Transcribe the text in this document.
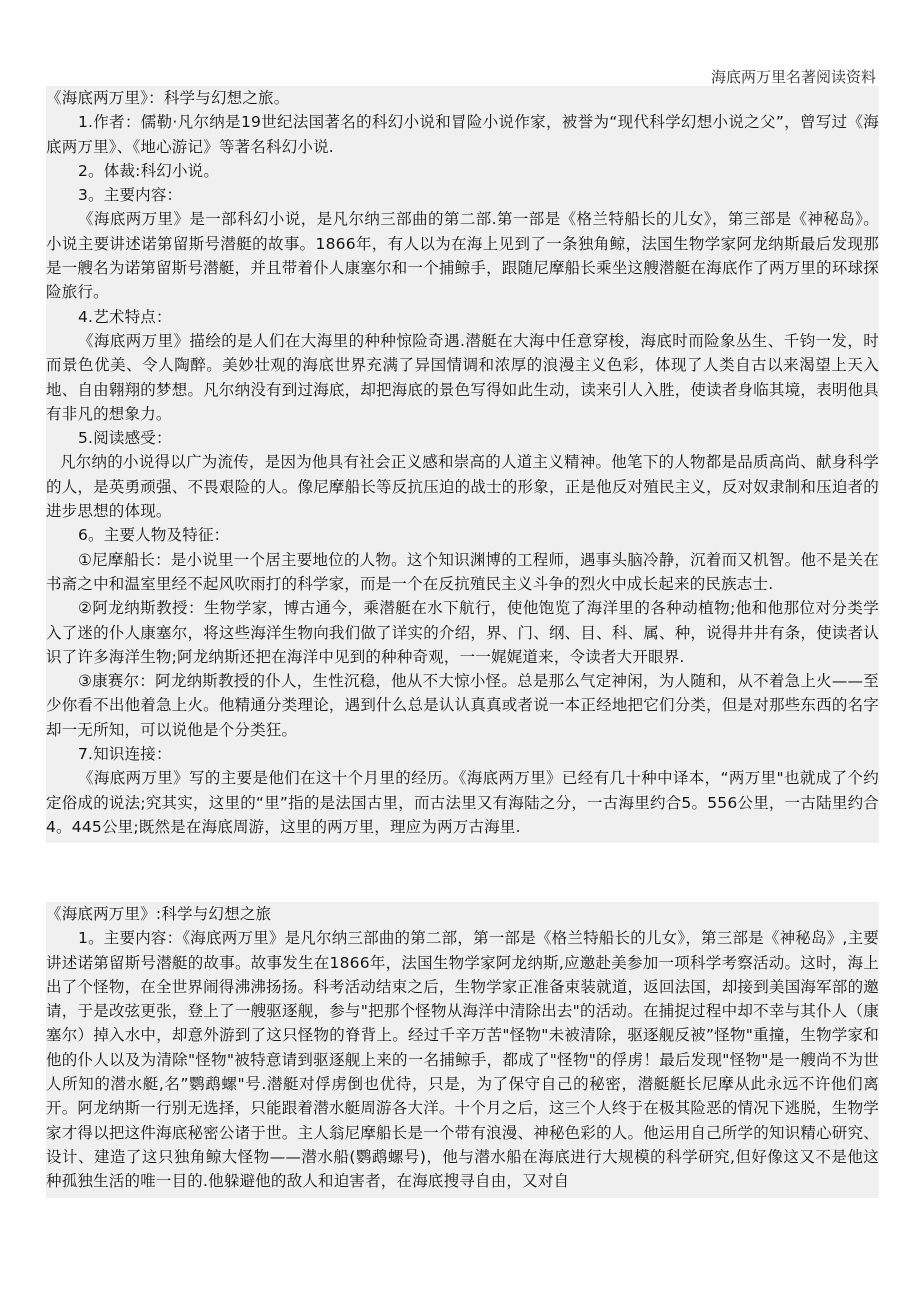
海底两万里名著阅读资料

《海底两万里》：科学与幻想之旅。

1.作者：儒勒·凡尔纳是19世纪法国著名的科幻小说和冒险小说作家，被誉为“现代科学幻想小说之父”，曾写过《海底两万里》、《地心游记》等著名科幻小说.

2。体裁:科幻小说。

3。主要内容：

《海底两万里》是一部科幻小说，是凡尔纳三部曲的第二部.第一部是《格兰特船长的儿女》，第三部是《神秘岛》。小说主要讲述诺第留斯号潜艇的故事。1866年，有人以为在海上见到了一条独角鲸，法国生物学家阿龙纳斯最后发现那是一艘名为诺第留斯号潜艇，并且带着仆人康塞尔和一个捕鲸手，跟随尼摩船长乘坐这艘潜艇在海底作了两万里的环球探险旅行。

4.艺术特点：

《海底两万里》描绘的是人们在大海里的种种惊险奇遇.潜艇在大海中任意穿梭，海底时而险象丛生、千钧一发，时而景色优美、令人陶醉。美妙壮观的海底世界充满了异国情调和浓厚的浪漫主义色彩，体现了人类自古以来渴望上天入地、自由翱翔的梦想。凡尔纳没有到过海底，却把海底的景色写得如此生动，读来引人入胜，使读者身临其境，表明他具有非凡的想象力。

5.阅读感受：

凡尔纳的小说得以广为流传，是因为他具有社会正义感和崇高的人道主义精神。他笔下的人物都是品质高尚、献身科学的人，是英勇顽强、不畏艰险的人。像尼摩船长等反抗压迫的战士的形象，正是他反对殖民主义，反对奴隶制和压迫者的进步思想的体现。

6。主要人物及特征：

①尼摩船长：是小说里一个居主要地位的人物。这个知识渊博的工程师，遇事头脑冷静，沉着而又机智。他不是关在书斋之中和温室里经不起风吹雨打的科学家，而是一个在反抗殖民主义斗争的烈火中成长起来的民族志士.

②阿龙纳斯教授：生物学家，博古通今，乘潜艇在水下航行，使他饱览了海洋里的各种动植物;他和他那位对分类学入了迷的仆人康塞尔，将这些海洋生物向我们做了详实的介绍，界、门、纲、目、科、属、种，说得井井有条，使读者认识了许多海洋生物;阿龙纳斯还把在海洋中见到的种种奇观，一一娓娓道来，令读者大开眼界.

③康赛尔：阿龙纳斯教授的仆人，生性沉稳，他从不大惊小怪。总是那么气定神闲，为人随和，从不着急上火——至少你看不出他着急上火。他精通分类理论，遇到什么总是认认真真或者说一本正经地把它们分类，但是对那些东西的名字却一无所知，可以说他是个分类狂。

7.知识连接：

《海底两万里》写的主要是他们在这十个月里的经历。《海底两万里》已经有几十种中译本，“两万里"也就成了个约定俗成的说法;究其实，这里的“里”指的是法国古里，而古法里又有海陆之分，一古海里约合5。556公里，一古陆里约合4。445公里;既然是在海底周游，这里的两万里，理应为两万古海里.

《海底两万里》:科学与幻想之旅

1。主要内容：《海底两万里》是凡尔纳三部曲的第二部，第一部是《格兰特船长的儿女》，第三部是《神秘岛》,主要讲述诺第留斯号潜艇的故事。故事发生在1866年，法国生物学家阿龙纳斯,应邀赴美参加一项科学考察活动。这时，海上出了个怪物，在全世界闹得沸沸扬扬。科考活动结束之后，生物学家正准备束装就道，返回法国，却接到美国海军部的邀请，于是改弦更张，登上了一艘驱逐舰，参与"把那个怪物从海洋中清除出去"的活动。在捕捉过程中却不幸与其仆人（康塞尔）掉入水中，却意外游到了这只怪物的脊背上。经过千辛万苦"怪物"未被清除，驱逐舰反被”怪物"重撞，生物学家和他的仆人以及为清除"怪物"被特意请到驱逐舰上来的一名捕鲸手，都成了"怪物"的俘虏！最后发现"怪物"是一艘尚不为世人所知的潜水艇,名”鹦鹉螺"号.潜艇对俘虏倒也优待，只是，为了保守自己的秘密，潜艇艇长尼摩从此永远不许他们离开。阿龙纳斯一行别无选择，只能跟着潜水艇周游各大洋。十个月之后，这三个人终于在极其险恶的情况下逃脱，生物学家才得以把这件海底秘密公诸于世。主人翁尼摩船长是一个带有浪漫、神秘色彩的人。他运用自己所学的知识精心研究、设计、建造了这只独角鲸大怪物——潜水船(鹦鹉螺号)，他与潜水船在海底进行大规模的科学研究,但好像这又不是他这种孤独生活的唯一目的.他躲避他的敌人和迫害者，在海底搜寻自由，又对自
